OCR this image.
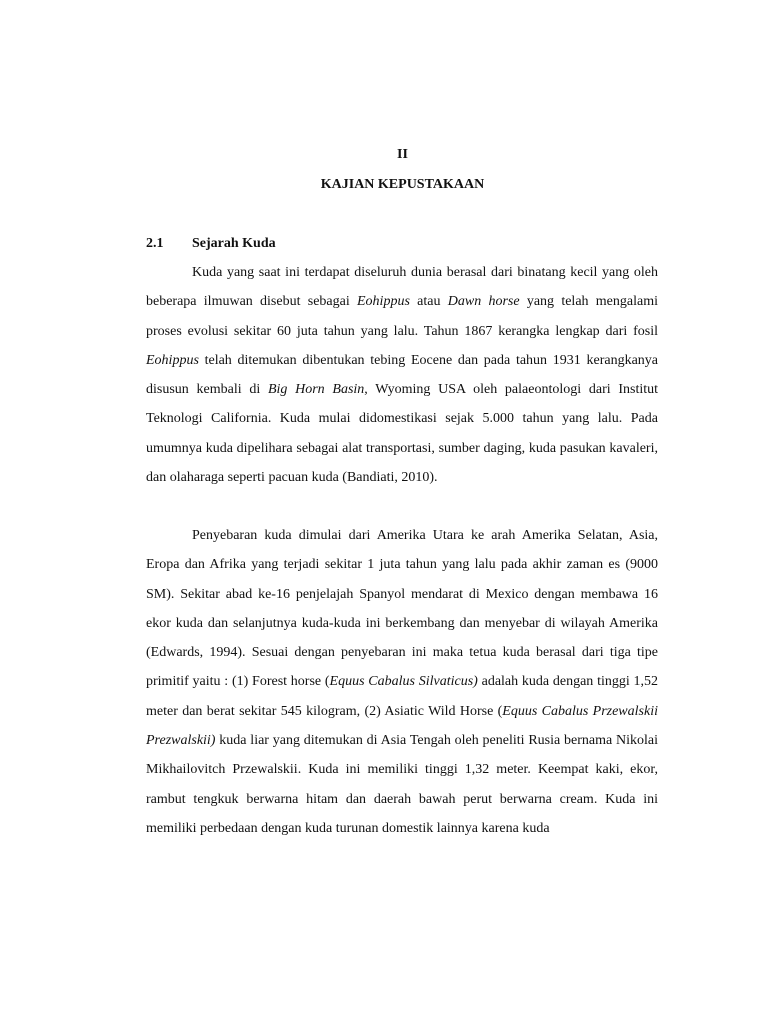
II
KAJIAN KEPUSTAKAAN
2.1 Sejarah Kuda

Kuda yang saat ini terdapat diseluruh dunia berasal dari binatang kecil yang oleh beberapa ilmuwan disebut sebagai Eohippus atau Dawn horse yang telah mengalami proses evolusi sekitar 60 juta tahun yang lalu. Tahun 1867 kerangka lengkap dari fosil Eohippus telah ditemukan dibentukan tebing Eocene dan pada tahun 1931 kerangkanya disusun kembali di Big Horn Basin, Wyoming USA oleh palaeontologi dari Institut Teknologi California. Kuda mulai didomestikasi sejak 5.000 tahun yang lalu. Pada umumnya kuda dipelihara sebagai alat transportasi, sumber daging, kuda pasukan kavaleri, dan olaharaga seperti pacuan kuda (Bandiati, 2010).

Penyebaran kuda dimulai dari Amerika Utara ke arah Amerika Selatan, Asia, Eropa dan Afrika yang terjadi sekitar 1 juta tahun yang lalu pada akhir zaman es (9000 SM). Sekitar abad ke-16 penjelajah Spanyol mendarat di Mexico dengan membawa 16 ekor kuda dan selanjutnya kuda-kuda ini berkembang dan menyebar di wilayah Amerika (Edwards, 1994). Sesuai dengan penyebaran ini maka tetua kuda berasal dari tiga tipe primitif yaitu : (1) Forest horse (Equus Cabalus Silvaticus) adalah kuda dengan tinggi 1,52 meter dan berat sekitar 545 kilogram, (2) Asiatic Wild Horse (Equus Cabalus Przewalskii Prezwalskii) kuda liar yang ditemukan di Asia Tengah oleh peneliti Rusia bernama Nikolai Mikhailovitch Przewalskii. Kuda ini memiliki tinggi 1,32 meter. Keempat kaki, ekor, rambut tengkuk berwarna hitam dan daerah bawah perut berwarna cream. Kuda ini memiliki perbedaan dengan kuda turunan domestik lainnya karena kuda
